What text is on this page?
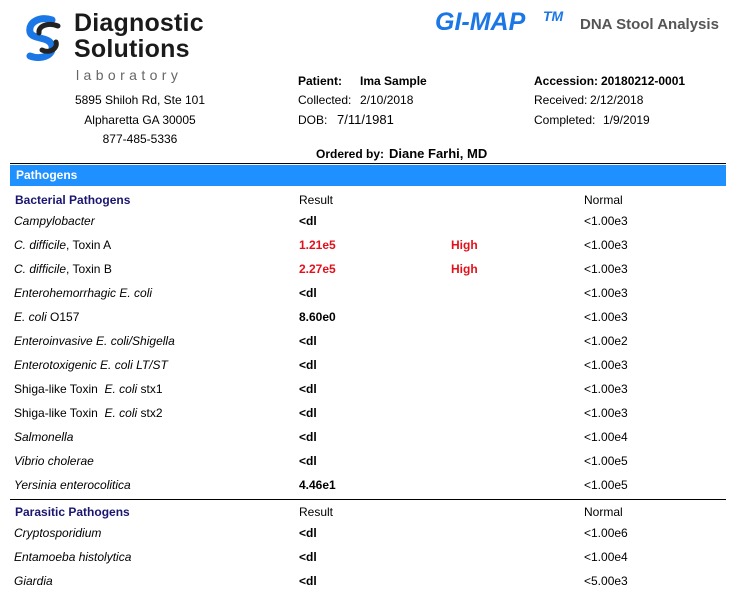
Diagnostic
Solutions
laboratory
5895 Shiloh Rd, Ste 101
Alpharetta GA 30005
877-485-5336
GI-MAP TM DNA Stool Analysis
Patient: Ima Sample
Collected: 2/10/2018
DOB: 7/11/1981
Accession: 20180212-0001
Received: 2/12/2018
Completed: 1/9/2019
Ordered by: Diane Farhi, MD
Pathogens
Bacterial Pathogens	Result	Normal
Campylobacter	<dl	<1.00e3
C. difficile, Toxin A	1.21e5	High	<1.00e3
C. difficile, Toxin B	2.27e5	High	<1.00e3
Enterohemorrhagic E. coli	<dl	<1.00e3
E. coli O157	8.60e0	<1.00e3
Enteroinvasive E. coli/Shigella	<dl	<1.00e2
Enterotoxigenic E. coli LT/ST	<dl	<1.00e3
Shiga-like Toxin  E. coli stx1	<dl	<1.00e3
Shiga-like Toxin  E. coli stx2	<dl	<1.00e3
Salmonella	<dl	<1.00e4
Vibrio cholerae	<dl	<1.00e5
Yersinia enterocolitica	4.46e1	<1.00e5
Parasitic Pathogens	Result	Normal
Cryptosporidium	<dl	<1.00e6
Entamoeba histolytica	<dl	<1.00e4
Giardia	<dl	<5.00e3
